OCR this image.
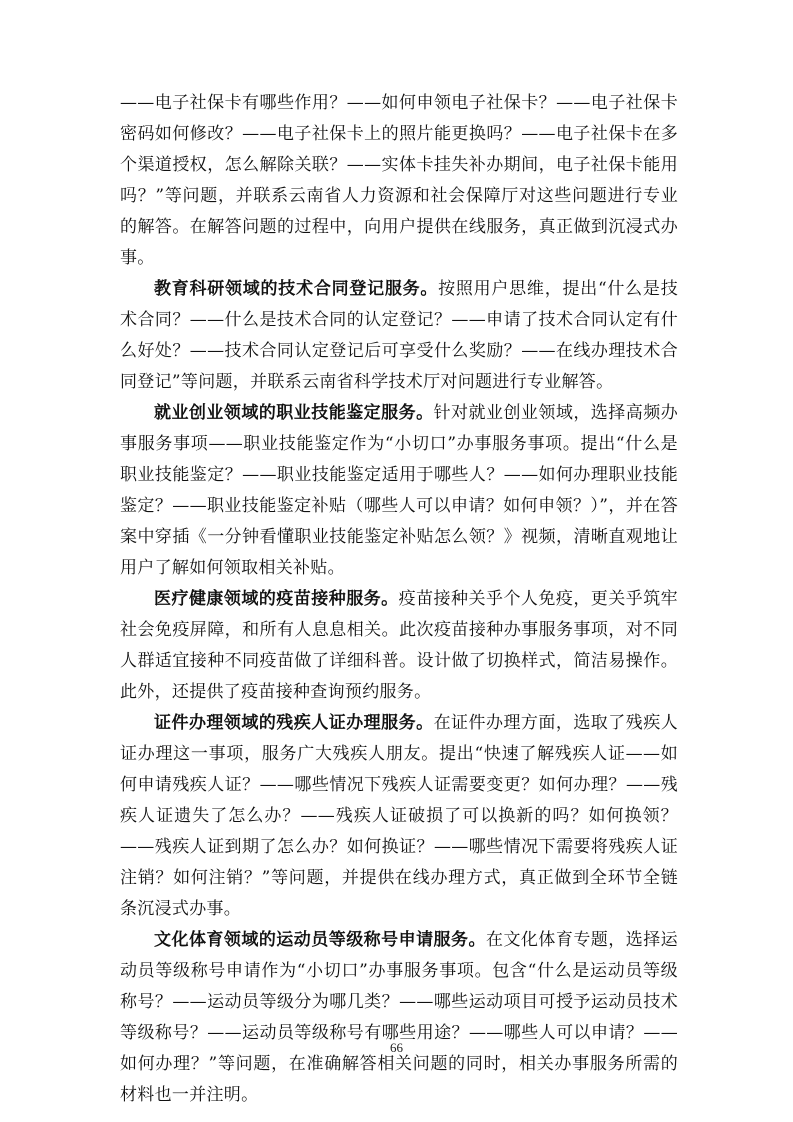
——电子社保卡有哪些作用？——如何申领电子社保卡？——电子社保卡密码如何修改？——电子社保卡上的照片能更换吗？——电子社保卡在多个渠道授权，怎么解除关联？——实体卡挂失补办期间，电子社保卡能用吗？”等问题，并联系云南省人力资源和社会保障厅对这些问题进行专业的解答。在解答问题的过程中，向用户提供在线服务，真正做到沉浸式办事。

教育科研领域的技术合同登记服务。按照用户思维，提出“什么是技术合同？——什么是技术合同的认定登记？——申请了技术合同认定有什么好处？——技术合同认定登记后可享受什么奖励？——在线办理技术合同登记”等问题，并联系云南省科学技术厅对问题进行专业解答。

就业创业领域的职业技能鉴定服务。针对就业创业领域，选择高频办事服务事项——职业技能鉴定作为“小切口”办事服务事项。提出“什么是职业技能鉴定？——职业技能鉴定适用于哪些人？——如何办理职业技能鉴定？——职业技能鉴定补贴（哪些人可以申请？如何申领？）”，并在答案中穿插《一分钟看懂职业技能鉴定补贴怎么领？》视频，清晰直观地让用户了解如何领取相关补贴。

医疗健康领域的疫苗接种服务。疫苗接种关乎个人免疫，更关乎筑牢社会免疫屏障，和所有人息息相关。此次疫苗接种办事服务事项，对不同人群适宜接种不同疫苗做了详细科普。设计做了切换样式，简洁易操作。此外，还提供了疫苗接种查询预约服务。

证件办理领域的残疾人证办理服务。在证件办理方面，选取了残疾人证办理这一事项，服务广大残疾人朋友。提出“快速了解残疾人证——如何申请残疾人证？——哪些情况下残疾人证需要变更？如何办理？——残疾人证遗失了怎么办？——残疾人证破损了可以换新的吗？如何换领？——残疾人证到期了怎么办？如何换证？——哪些情况下需要将残疾人证注销？如何注销？”等问题，并提供在线办理方式，真正做到全环节全链条沉浸式办事。

文化体育领域的运动员等级称号申请服务。在文化体育专题，选择运动员等级称号申请作为“小切口”办事服务事项。包含“什么是运动员等级称号？——运动员等级分为哪几类？——哪些运动项目可授予运动员技术等级称号？——运动员等级称号有哪些用途？——哪些人可以申请？——如何办理？”等问题，在准确解答相关问题的同时，相关办事服务所需的材料也一并注明。

66
